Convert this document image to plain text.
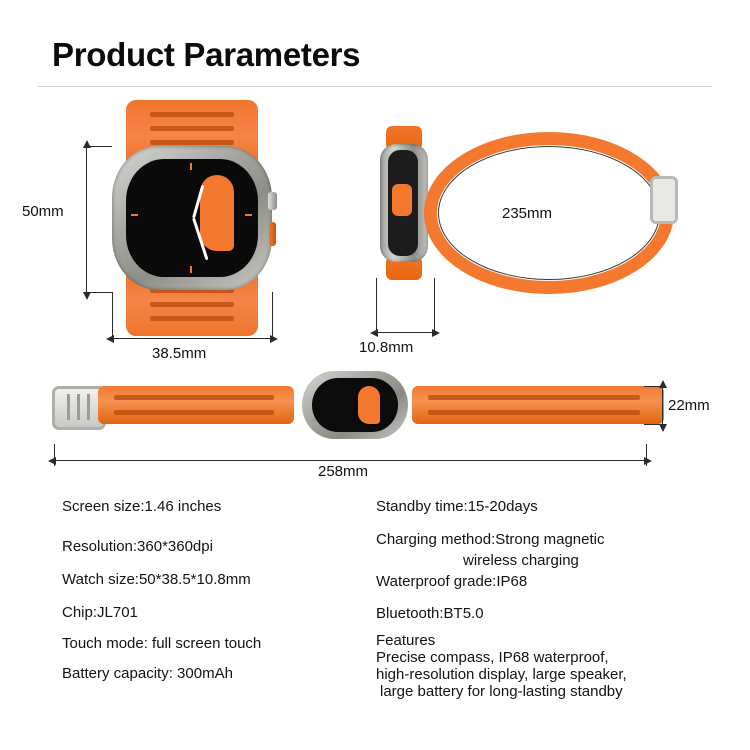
Product Parameters
50mm
38.5mm	10.8mm
235mm
22mm
258mm
Screen size:1.46 inches
Resolution:360*360dpi
Watch size:50*38.5*10.8mm
Chip:JL701
Touch mode: full screen touch
Battery capacity: 300mAh
Standby time:15-20days
Charging method:Strong magnetic
wireless charging
Waterproof grade:IP68
Bluetooth:BT5.0
Features
Precise compass, IP68 waterproof,
high-resolution display, large speaker,
large battery for long-lasting standby
